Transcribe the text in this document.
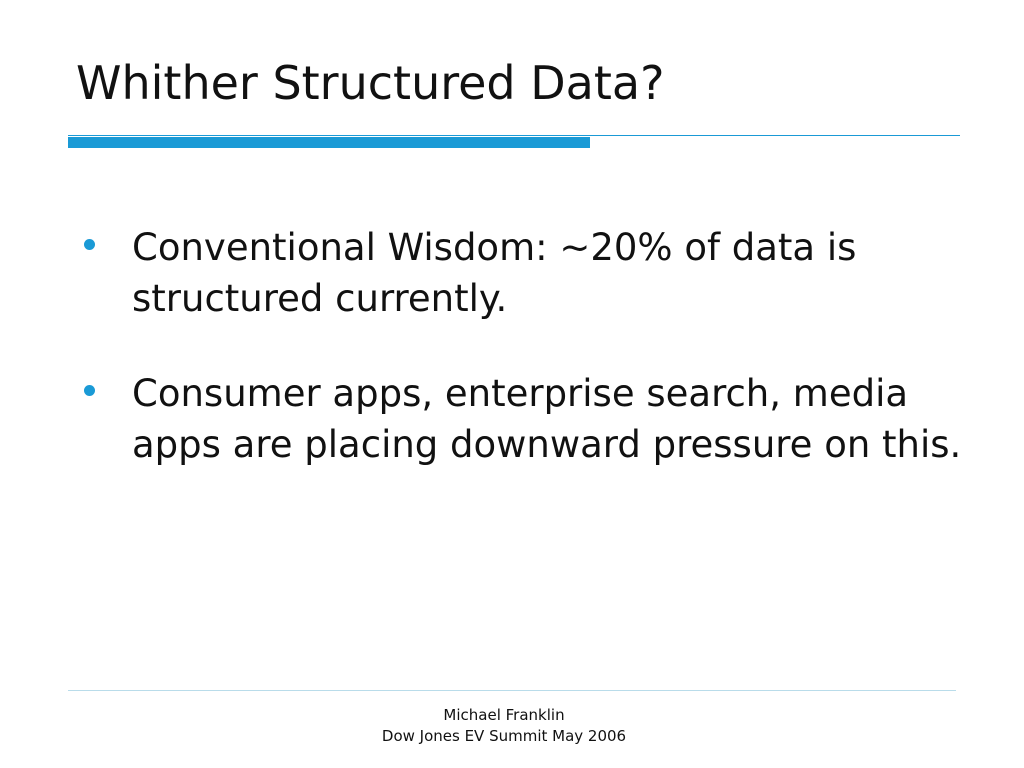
Whither Structured Data?
Conventional Wisdom: ~20% of data is structured currently.
Consumer apps, enterprise search, media apps are placing downward pressure on this.
Michael Franklin
Dow Jones EV Summit May 2006
